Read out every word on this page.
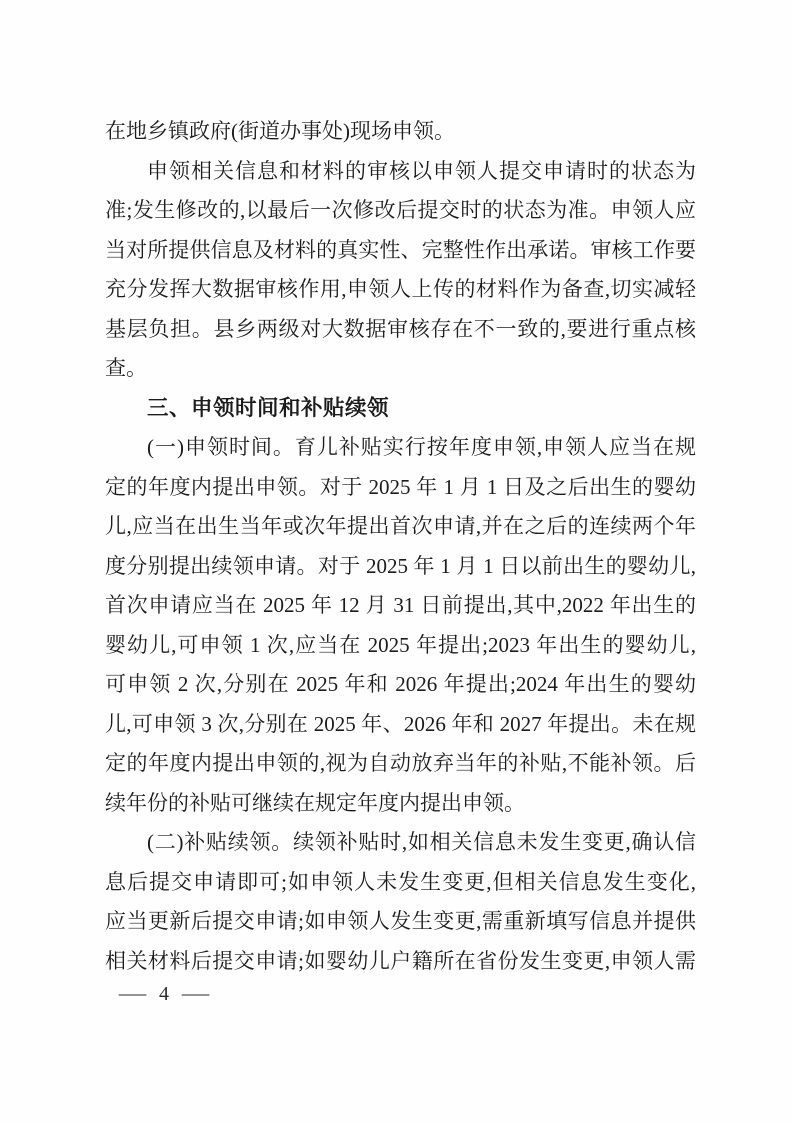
在地乡镇政府(街道办事处)现场申领。
申领相关信息和材料的审核以申领人提交申请时的状态为
准;发生修改的,以最后一次修改后提交时的状态为准。申领人应
当对所提供信息及材料的真实性、完整性作出承诺。审核工作要
充分发挥大数据审核作用,申领人上传的材料作为备查,切实减轻
基层负担。县乡两级对大数据审核存在不一致的,要进行重点核
查。
三、申领时间和补贴续领
(一)申领时间。育儿补贴实行按年度申领,申领人应当在规
定的年度内提出申领。对于 2025 年 1 月 1 日及之后出生的婴幼
儿,应当在出生当年或次年提出首次申请,并在之后的连续两个年
度分别提出续领申请。对于 2025 年 1 月 1 日以前出生的婴幼儿,
首次申请应当在 2025 年 12 月 31 日前提出,其中,2022 年出生的
婴幼儿,可申领 1 次,应当在 2025 年提出;2023 年出生的婴幼儿,
可申领 2 次,分别在 2025 年和 2026 年提出;2024 年出生的婴幼
儿,可申领 3 次,分别在 2025 年、2026 年和 2027 年提出。未在规
定的年度内提出申领的,视为自动放弃当年的补贴,不能补领。后
续年份的补贴可继续在规定年度内提出申领。
(二)补贴续领。续领补贴时,如相关信息未发生变更,确认信
息后提交申请即可;如申领人未发生变更,但相关信息发生变化,
应当更新后提交申请;如申领人发生变更,需重新填写信息并提供
相关材料后提交申请;如婴幼儿户籍所在省份发生变更,申领人需
— 4 —
